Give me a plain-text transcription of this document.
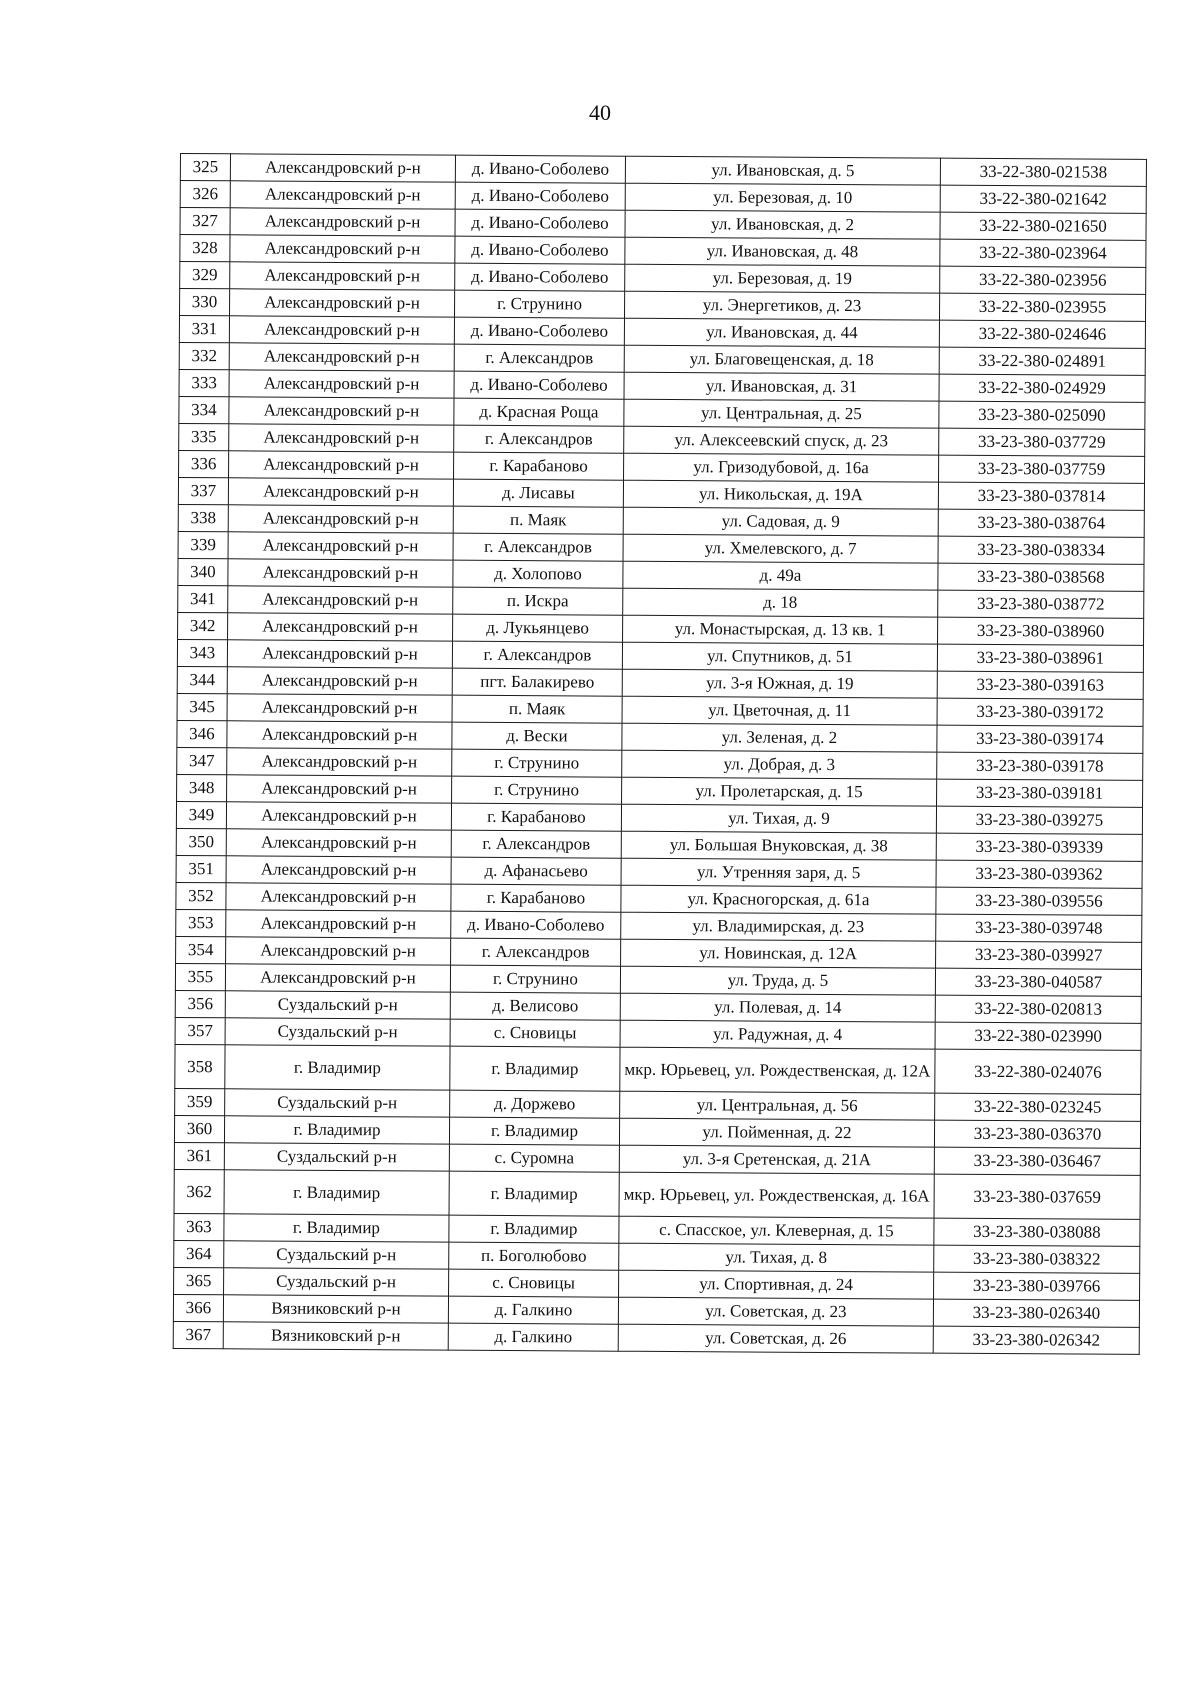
40
325	Александровский р-н	д. Ивано-Соболево	ул. Ивановская, д. 5	33-22-380-021538
326	Александровский р-н	д. Ивано-Соболево	ул. Березовая, д. 10	33-22-380-021642
327	Александровский р-н	д. Ивано-Соболево	ул. Ивановская, д. 2	33-22-380-021650
328	Александровский р-н	д. Ивано-Соболево	ул. Ивановская, д. 48	33-22-380-023964
329	Александровский р-н	д. Ивано-Соболево	ул. Березовая, д. 19	33-22-380-023956
330	Александровский р-н	г. Струнино	ул. Энергетиков, д. 23	33-22-380-023955
331	Александровский р-н	д. Ивано-Соболево	ул. Ивановская, д. 44	33-22-380-024646
332	Александровский р-н	г. Александров	ул. Благовещенская, д. 18	33-22-380-024891
333	Александровский р-н	д. Ивано-Соболево	ул. Ивановская, д. 31	33-22-380-024929
334	Александровский р-н	д. Красная Роща	ул. Центральная, д. 25	33-23-380-025090
335	Александровский р-н	г. Александров	ул. Алексеевский спуск, д. 23	33-23-380-037729
336	Александровский р-н	г. Карабаново	ул. Гризодубовой, д. 16а	33-23-380-037759
337	Александровский р-н	д. Лисавы	ул. Никольская, д. 19А	33-23-380-037814
338	Александровский р-н	п. Маяк	ул. Садовая, д. 9	33-23-380-038764
339	Александровский р-н	г. Александров	ул. Хмелевского, д. 7	33-23-380-038334
340	Александровский р-н	д. Холопово	д. 49а	33-23-380-038568
341	Александровский р-н	п. Искра	д. 18	33-23-380-038772
342	Александровский р-н	д. Лукьянцево	ул. Монастырская, д. 13 кв. 1	33-23-380-038960
343	Александровский р-н	г. Александров	ул. Спутников, д. 51	33-23-380-038961
344	Александровский р-н	пгт. Балакирево	ул. 3-я Южная, д. 19	33-23-380-039163
345	Александровский р-н	п. Маяк	ул. Цветочная, д. 11	33-23-380-039172
346	Александровский р-н	д. Вески	ул. Зеленая, д. 2	33-23-380-039174
347	Александровский р-н	г. Струнино	ул. Добрая, д. 3	33-23-380-039178
348	Александровский р-н	г. Струнино	ул. Пролетарская, д. 15	33-23-380-039181
349	Александровский р-н	г. Карабаново	ул. Тихая, д. 9	33-23-380-039275
350	Александровский р-н	г. Александров	ул. Большая Внуковская, д. 38	33-23-380-039339
351	Александровский р-н	д. Афанасьево	ул. Утренняя заря, д. 5	33-23-380-039362
352	Александровский р-н	г. Карабаново	ул. Красногорская, д. 61а	33-23-380-039556
353	Александровский р-н	д. Ивано-Соболево	ул. Владимирская, д. 23	33-23-380-039748
354	Александровский р-н	г. Александров	ул. Новинская, д. 12А	33-23-380-039927
355	Александровский р-н	г. Струнино	ул. Труда, д. 5	33-23-380-040587
356	Суздальский р-н	д. Велисово	ул. Полевая, д. 14	33-22-380-020813
357	Суздальский р-н	с. Сновицы	ул. Радужная, д. 4	33-22-380-023990
358	г. Владимир	г. Владимир	мкр. Юрьевец, ул. Рождественская, д. 12А	33-22-380-024076
359	Суздальский р-н	д. Доржево	ул. Центральная, д. 56	33-22-380-023245
360	г. Владимир	г. Владимир	ул. Пойменная, д. 22	33-23-380-036370
361	Суздальский р-н	с. Суромна	ул. 3-я Сретенская, д. 21А	33-23-380-036467
362	г. Владимир	г. Владимир	мкр. Юрьевец, ул. Рождественская, д. 16А	33-23-380-037659
363	г. Владимир	г. Владимир	с. Спасское, ул. Клеверная, д. 15	33-23-380-038088
364	Суздальский р-н	п. Боголюбово	ул. Тихая, д. 8	33-23-380-038322
365	Суздальский р-н	с. Сновицы	ул. Спортивная, д. 24	33-23-380-039766
366	Вязниковский р-н	д. Галкино	ул. Советская, д. 23	33-23-380-026340
367	Вязниковский р-н	д. Галкино	ул. Советская, д. 26	33-23-380-026342
